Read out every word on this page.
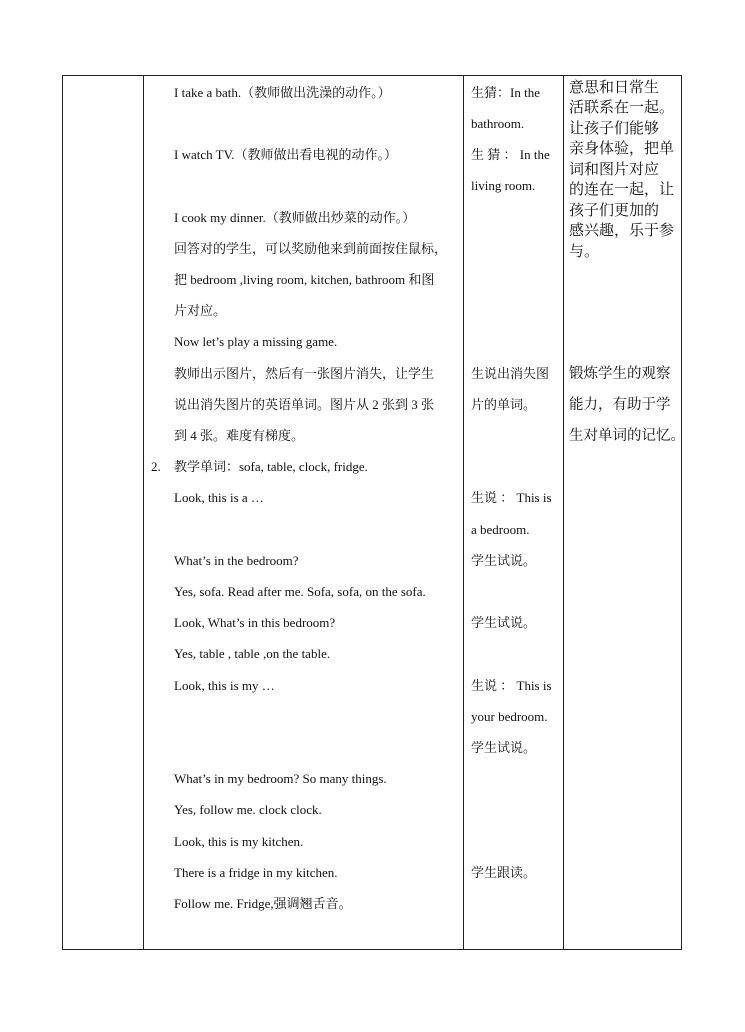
I take a bath.（教师做出洗澡的动作。）
I watch TV.（教师做出看电视的动作。）
I cook my dinner.（教师做出炒菜的动作。）
回答对的学生，可以奖励他来到前面按住鼠标，
把 bedroom ,living room, kitchen, bathroom 和图
片对应。
Now let’s play a missing game.
教师出示图片，然后有一张图片消失，让学生
说出消失图片的英语单词。图片从 2 张到 3 张
到 4 张。难度有梯度。
2. 教学单词：sofa, table, clock, fridge.
Look, this is a …
What’s in the bedroom?
Yes, sofa. Read after me. Sofa, sofa, on the sofa.
Look, What’s in this bedroom?
Yes, table , table ,on the table.
Look, this is my …
What’s in my bedroom? So many things.
Yes, follow me. clock clock.
Look, this is my kitchen.
There is a fridge in my kitchen.
Follow me. Fridge,强调翘舌音。
生猜：In the
bathroom.
生 猜 ： In the
living room.
生说出消失图
片的单词。
生说 ： This is
a bedroom.
学生试说。
学生试说。
生说 ： This is
your bedroom.
学生试说。
学生跟读。
意思和日常生
活联系在一起。
让孩子们能够
亲身体验，把单
词和图片对应
的连在一起，让
孩子们更加的
感兴趣，乐于参
与。
锻炼学生的观察
能力，有助于学
生对单词的记忆。
